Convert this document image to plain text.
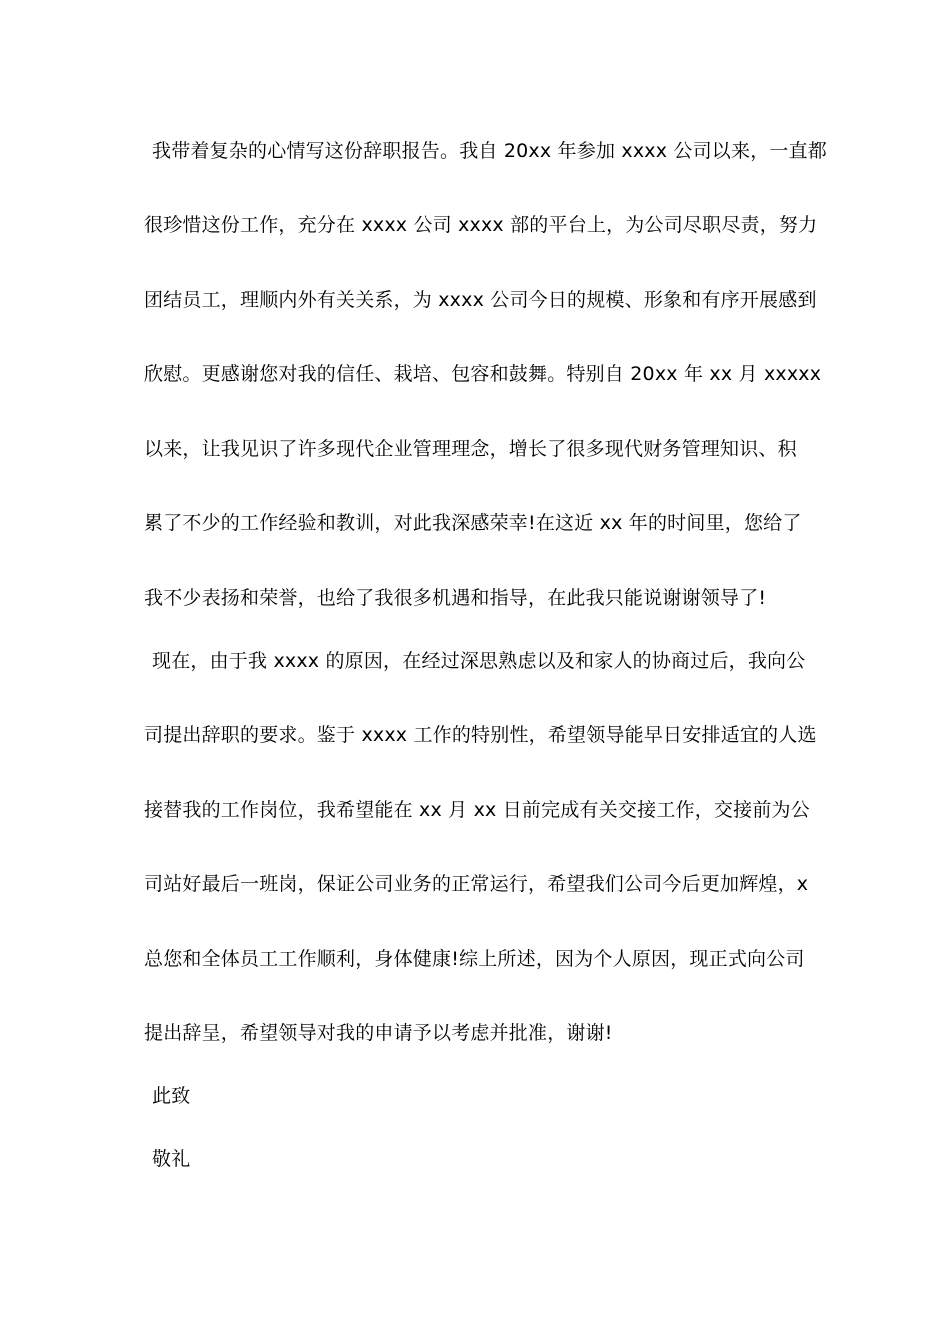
我带着复杂的心情写这份辞职报告。我自 20xx 年参加 xxxx 公司以来，一直都
很珍惜这份工作，充分在 xxxx 公司 xxxx 部的平台上，为公司尽职尽责，努力
团结员工，理顺内外有关关系，为 xxxx 公司今日的规模、形象和有序开展感到
欣慰。更感谢您对我的信任、栽培、包容和鼓舞。特别自 20xx 年 xx 月 xxxxx
以来，让我见识了许多现代企业管理理念，增长了很多现代财务管理知识、积
累了不少的工作经验和教训，对此我深感荣幸!在这近 xx 年的时间里，您给了
我不少表扬和荣誉，也给了我很多机遇和指导，在此我只能说谢谢领导了!
现在，由于我 xxxx 的原因，在经过深思熟虑以及和家人的协商过后，我向公
司提出辞职的要求。鉴于 xxxx 工作的特别性，希望领导能早日安排适宜的人选
接替我的工作岗位，我希望能在 xx 月 xx 日前完成有关交接工作，交接前为公
司站好最后一班岗，保证公司业务的正常运行，希望我们公司今后更加辉煌，x
总您和全体员工工作顺利，身体健康!综上所述，因为个人原因，现正式向公司
提出辞呈，希望领导对我的申请予以考虑并批准，谢谢!
此致
敬礼
